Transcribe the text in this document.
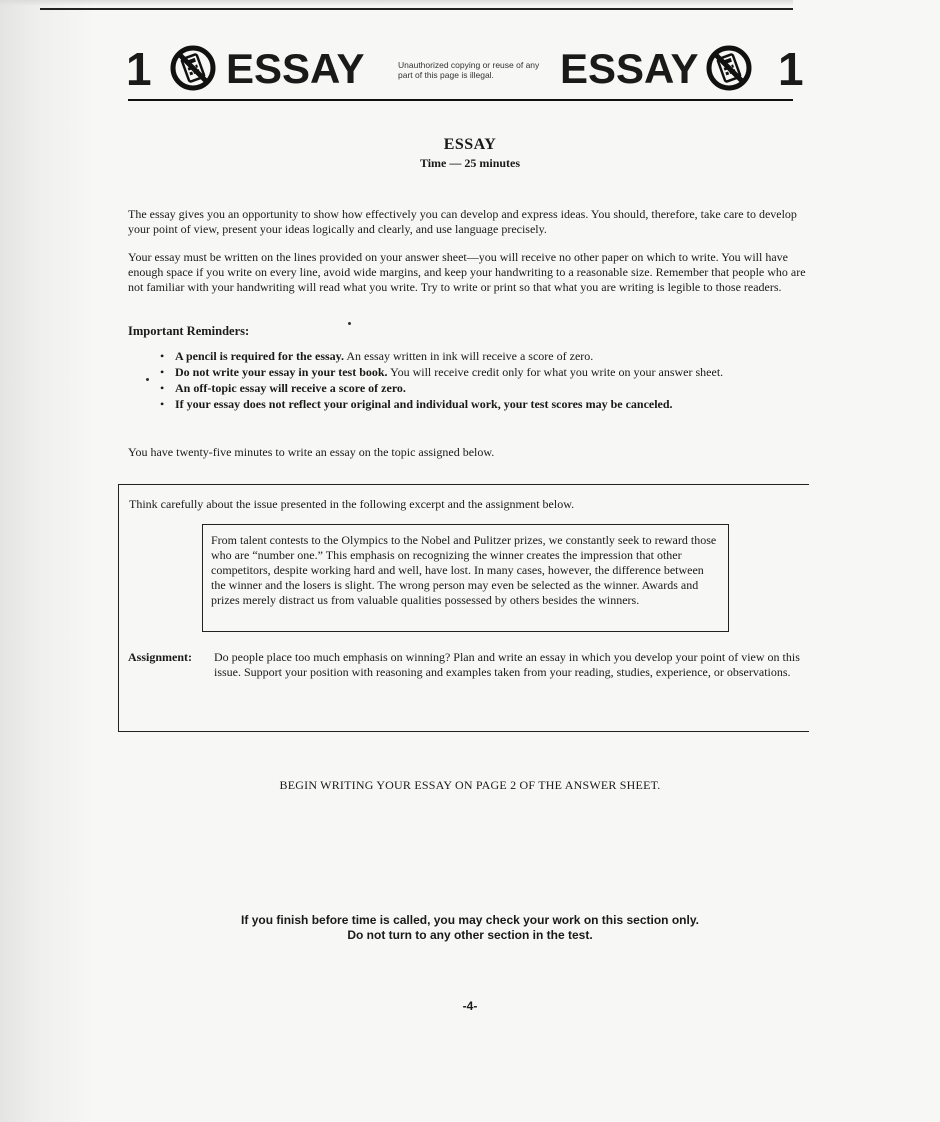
1 ESSAY	Unauthorized copying or reuse of any part of this page is illegal.	ESSAY 1
ESSAY
Time — 25 minutes
The essay gives you an opportunity to show how effectively you can develop and express ideas. You should, therefore, take care to develop your point of view, present your ideas logically and clearly, and use language precisely.
Your essay must be written on the lines provided on your answer sheet—you will receive no other paper on which to write. You will have enough space if you write on every line, avoid wide margins, and keep your handwriting to a reasonable size. Remember that people who are not familiar with your handwriting will read what you write. Try to write or print so that what you are writing is legible to those readers.
Important Reminders:
• A pencil is required for the essay. An essay written in ink will receive a score of zero.
• Do not write your essay in your test book. You will receive credit only for what you write on your answer sheet.
• An off-topic essay will receive a score of zero.
• If your essay does not reflect your original and individual work, your test scores may be canceled.
You have twenty-five minutes to write an essay on the topic assigned below.
Think carefully about the issue presented in the following excerpt and the assignment below.
From talent contests to the Olympics to the Nobel and Pulitzer prizes, we constantly seek to reward those who are “number one.” This emphasis on recognizing the winner creates the impression that other competitors, despite working hard and well, have lost. In many cases, however, the difference between the winner and the losers is slight. The wrong person may even be selected as the winner. Awards and prizes merely distract us from valuable qualities possessed by others besides the winners.
Assignment: Do people place too much emphasis on winning? Plan and write an essay in which you develop your point of view on this issue. Support your position with reasoning and examples taken from your reading, studies, experience, or observations.
BEGIN WRITING YOUR ESSAY ON PAGE 2 OF THE ANSWER SHEET.
If you finish before time is called, you may check your work on this section only.
Do not turn to any other section in the test.
-4-
